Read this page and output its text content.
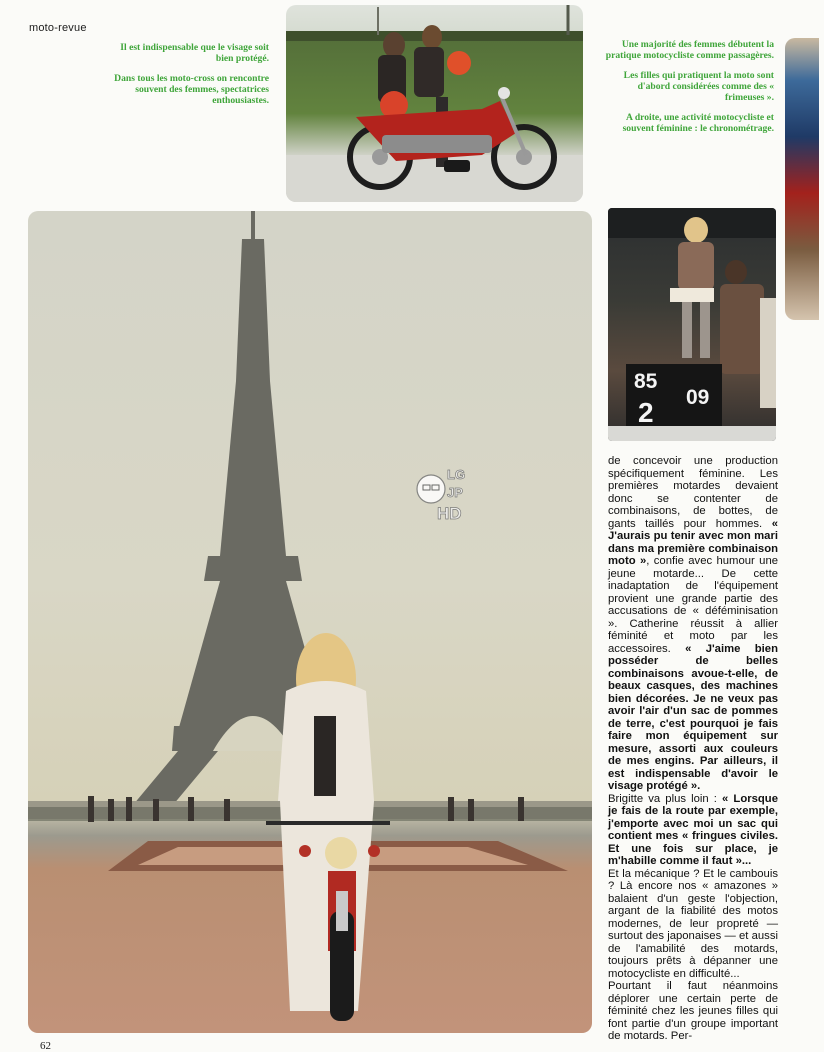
moto-revue

Il est indispensable que le visage soit bien protégé.

Dans tous les moto-cross on rencontre souvent des femmes, spectatrices enthousiastes.

Une majorité des femmes débutent la pratique motocycliste comme passagères.

Les filles qui pratiquent la moto sont d'abord considérées comme des « frimeuses ».

A droite, une activité motocycliste et souvent féminine : le chronométrage.

LG
JP
HD
85
2 09

de concevoir une production spécifiquement féminine. Les premières motardes devaient donc se contenter de combinaisons, de bottes, de gants taillés pour hommes. « J'aurais pu tenir avec mon mari dans ma première combinaison moto », confie avec humour une jeune motarde... De cette inadaptation de l'équipement provient une grande partie des accusations de « déféminisation ». Catherine réussit à allier féminité et moto par les accessoires. « J'aime bien posséder de belles combinaisons avoue-t-elle, de beaux casques, des machines bien décorées. Je ne veux pas avoir l'air d'un sac de pommes de terre, c'est pourquoi je fais faire mon équipement sur mesure, assorti aux couleurs de mes engins. Par ailleurs, il est indispensable d'avoir le visage protégé ».

Brigitte va plus loin : « Lorsque je fais de la route par exemple, j'emporte avec moi un sac qui contient mes « fringues civiles. Et une fois sur place, je m'habille comme il faut »...

Et la mécanique ? Et le cambouis ? Là encore nos « amazones » balaient d'un geste l'objection, argant de la fiabilité des motos modernes, de leur propreté — surtout des japonaises — et aussi de l'amabilité des motards, toujours prêts à dépanner une motocycliste en difficulté...

Pourtant il faut néanmoins déplorer une certain perte de féminité chez les jeunes filles qui font partie d'un groupe important de motards. Per-

62
